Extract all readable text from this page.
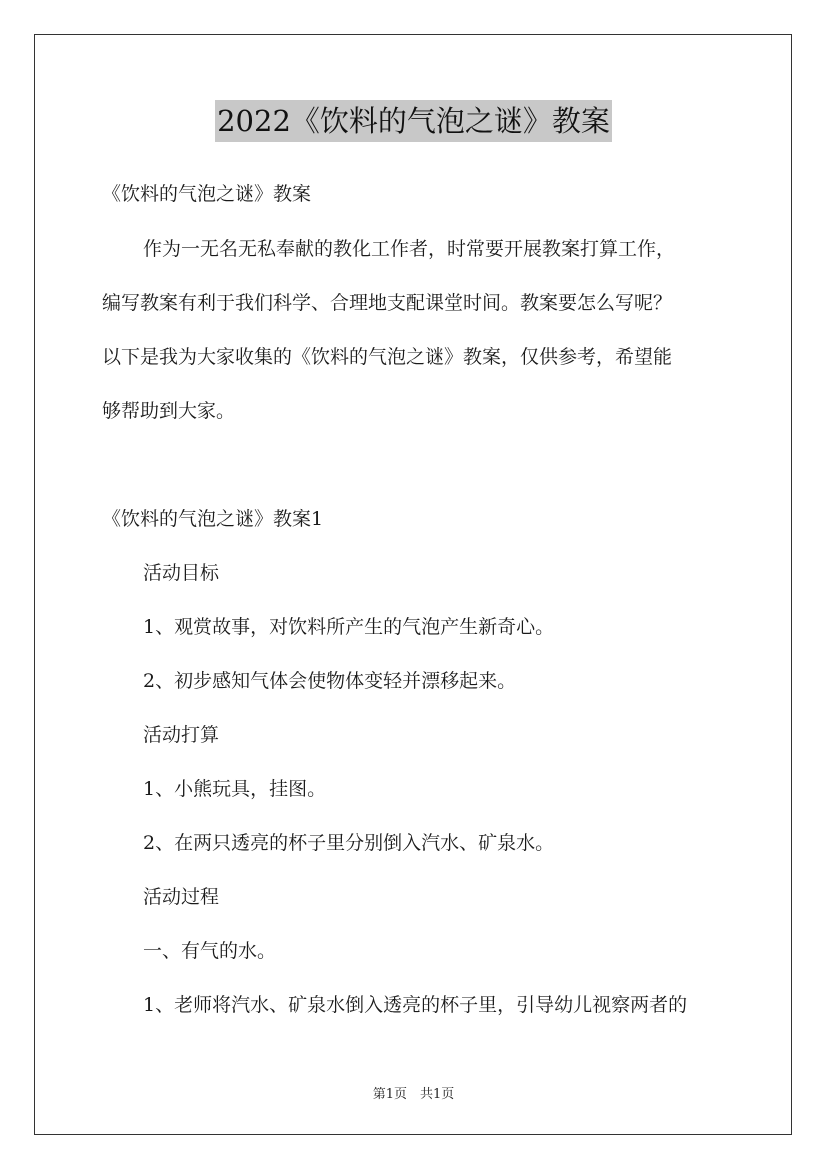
2022《饮料的气泡之谜》教案
《饮料的气泡之谜》教案
作为一无名无私奉献的教化工作者，时常要开展教案打算工作，
编写教案有利于我们科学、合理地支配课堂时间。教案要怎么写呢？
以下是我为大家收集的《饮料的气泡之谜》教案，仅供参考，希望能
够帮助到大家。
《饮料的气泡之谜》教案1
活动目标
1、观赏故事，对饮料所产生的气泡产生新奇心。
2、初步感知气体会使物体变轻并漂移起来。
活动打算
1、小熊玩具，挂图。
2、在两只透亮的杯子里分别倒入汽水、矿泉水。
活动过程
一、有气的水。
1、老师将汽水、矿泉水倒入透亮的杯子里，引导幼儿视察两者的
第1页　共1页
